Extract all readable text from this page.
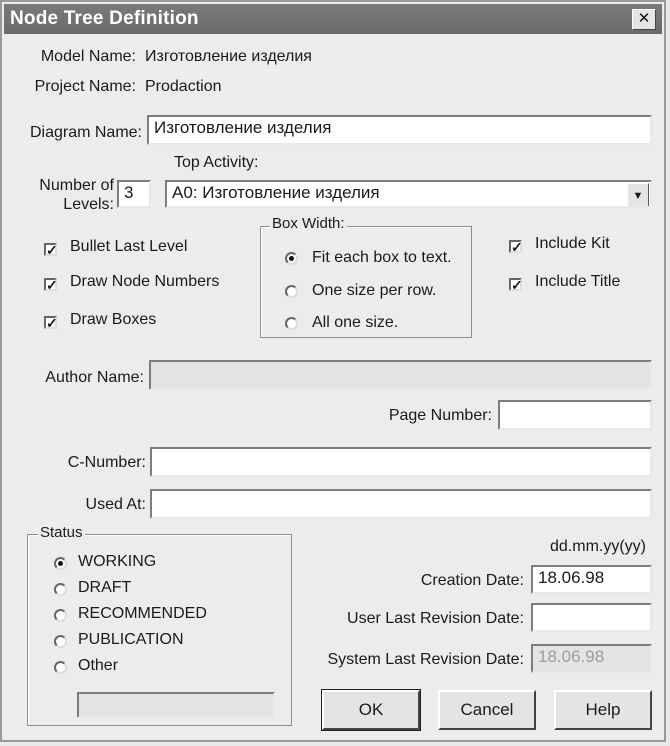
Node Tree Definition	✕
Model Name: Изготовление изделия
Project Name: Prodaction
Diagram Name: Изготовление изделия
Top Activity:
Number of
Levels:
3	A0: Изготовление изделия	▼
✓ Bullet Last Level
✓ Draw Node Numbers
✓ Draw Boxes
Box Width:
Fit each box to text.
One size per row.
All one size.
✓ Include Kit
✓ Include Title
Author Name:
Page Number:
C-Number:
Used At:
Status
WORKING
DRAFT
RECOMMENDED
PUBLICATION
Other
dd.mm.yy(yy)
Creation Date: 18.06.98
User Last Revision Date:
System Last Revision Date: 18.06.98
OK	Cancel	Help
